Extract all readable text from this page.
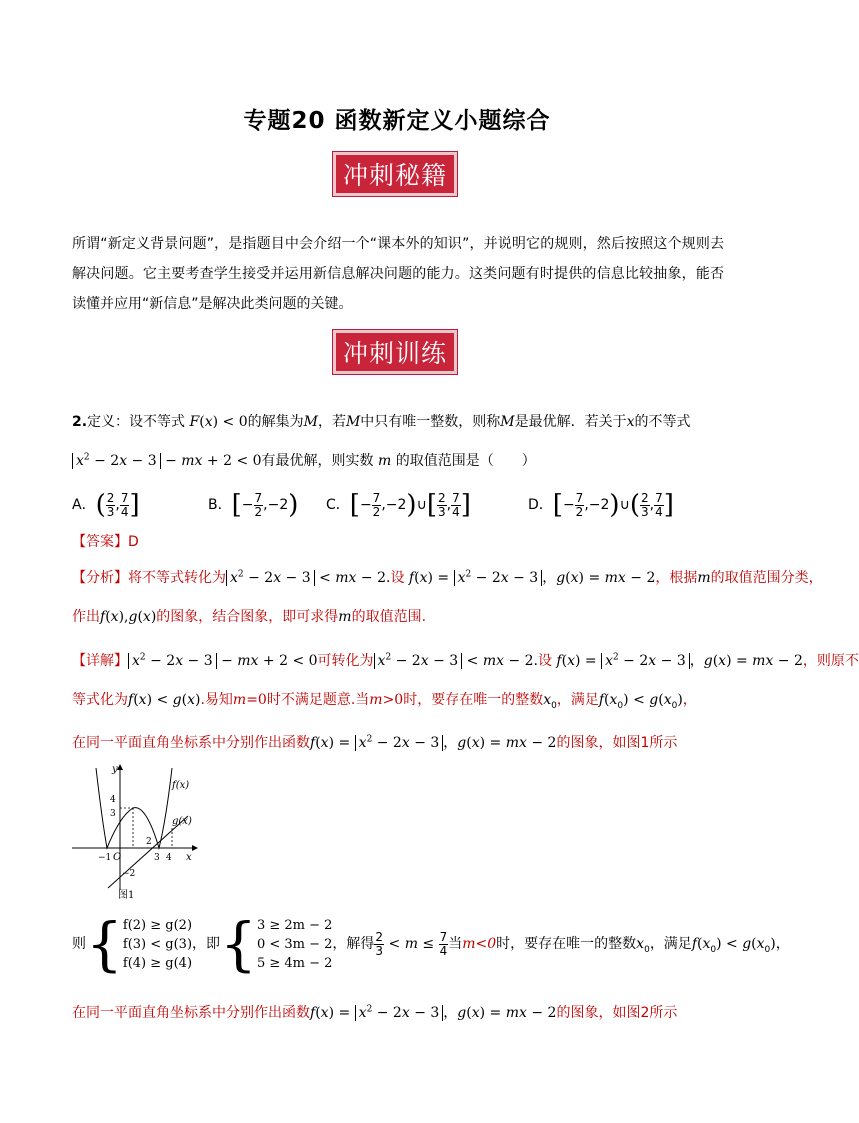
专题20 函数新定义小题综合
冲刺秘籍
所谓“新定义背景问题”，是指题目中会介绍一个“课本外的知识”，并说明它的规则，然后按照这个规则去解决问题。它主要考查学生接受并运用新信息解决问题的能力。这类问题有时提供的信息比较抽象，能否读懂并应用“新信息”是解决此类问题的关键。
冲刺训练
2.定义：设不等式 F(x) < 0的解集为M，若M中只有唯一整数，则称M是最优解．若关于x的不等式
$x^2 - 2x - 3$ − mx + 2 < 0有最优解，则实数 m 的取值范围是（　　）
A．( $\frac{2}{3}$ , $\frac{7}{4}$ ]	B．[− $\frac{7}{2} ,-2$) C．[− $\frac{7}{2}$ ,−2)∪[ $\frac{2}{3}$ , $\frac{7}{4}$ ]	D．[− $\frac{7}{2}$ ,−2)∪( $\frac{2}{3}$ , $\frac{7}{4}$ ]
【答案】D
【分析】将不等式转化为 $x^2 - 2x - 3$ < mx − 2.设 $f(x) = x^2 - 2x - 3$ ，g(x) = mx − 2，根据m的取值范围分类，
作出f(x),g(x)的图象，结合图象，即可求得m的取值范围.
【详解】 $x^2 - 2x - 3$ − mx + 2 < 0可转化为 $x^2 - 2x - 3$ < mx − 2.设 $f(x) = x^2 - 2x - 3$ ，g(x) = mx − 2，则原不
等式化为f(x) < g(x).易知m=0时不满足题意.当m>0时，要存在唯一的整数$x_0$，满足$f(x_0) < g(x_0)$，
在同一平面直角坐标系中分别作出函数$f(x) = x^2 - 2x - 3$ ，g(x) = mx − 2的图象，如图1所示
y
x
O
f(x)
g(x)
4
3
2
−1	3 4
−2
图1
则{ f(2) ≥ g(2)
f(3) < g(3)
f(4) ≥ g(4)
，即{ 3 ≥ 2m − 2
0 < 3m − 2
5 ≥ 4m − 2
，解得 $\frac{2}{3} < m \le \frac{7}{4}$ 当m<0时，要存在唯一的整数$x_0$，满足$f(x_0) < g(x_0)$，
在同一平面直角坐标系中分别作出函数$f(x) = x^2 - 2x - 3$ ，g(x) = mx − 2的图象，如图2所示
